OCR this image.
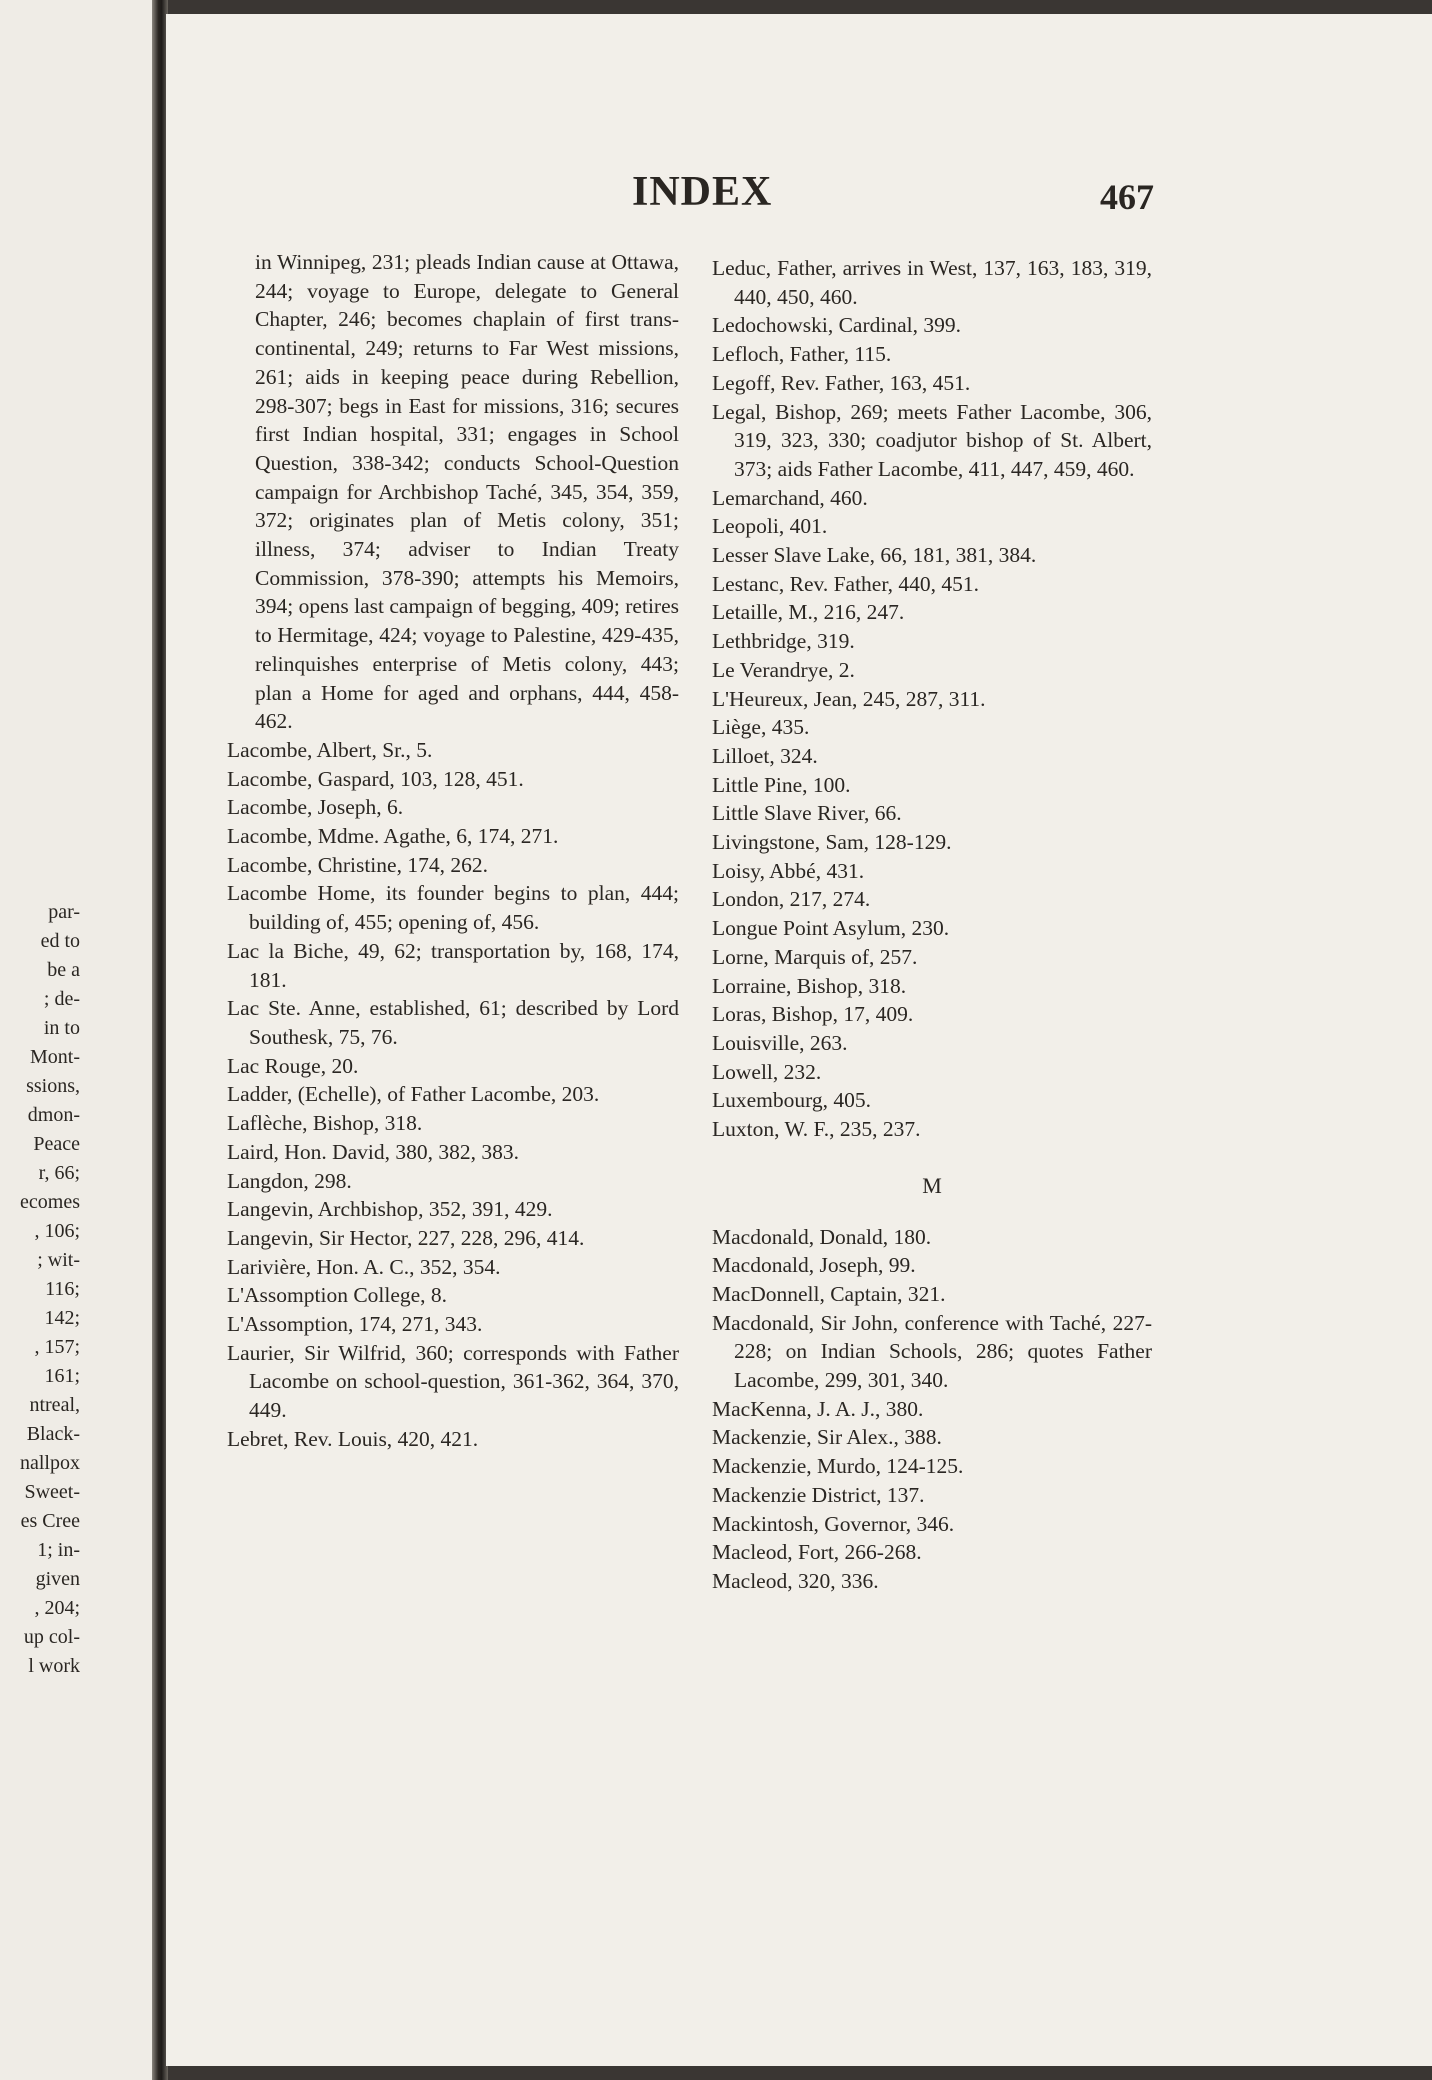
par-
ed to
be a
; de-
in to
Mont-
ssions,
dmon-
Peace
r, 66;
ecomes
, 106;
; wit-
116;
142;
, 157;
161;
ntreal,
Black-
nallpox
Sweet-
es Cree
1; in-
given
, 204;
up col-
l work
INDEX	467
in Winnipeg, 231; pleads Indian cause at Ottawa, 244; voyage to Europe, delegate to General Chapter, 246; becomes chaplain of first trans-continental, 249; returns to Far West missions, 261; aids in keeping peace during Rebellion, 298-307; begs in East for missions, 316; secures first Indian hospital, 331; engages in School Question, 338-342; conducts School-Question campaign for Archbishop Taché, 345, 354, 359, 372; originates plan of Metis colony, 351; illness, 374; adviser to Indian Treaty Commission, 378-390; attempts his Memoirs, 394; opens last campaign of begging, 409; retires to Hermitage, 424; voyage to Palestine, 429-435, relinquishes enterprise of Metis colony, 443; plan a Home for aged and orphans, 444, 458-462.
Lacombe, Albert, Sr., 5.
Lacombe, Gaspard, 103, 128, 451.
Lacombe, Joseph, 6.
Lacombe, Mdme. Agathe, 6, 174, 271.
Lacombe, Christine, 174, 262.
Lacombe Home, its founder begins to plan, 444; building of, 455; opening of, 456.
Lac la Biche, 49, 62; transportation by, 168, 174, 181.
Lac Ste. Anne, established, 61; described by Lord Southesk, 75, 76.
Lac Rouge, 20.
Ladder, (Echelle), of Father Lacombe, 203.
Laflèche, Bishop, 318.
Laird, Hon. David, 380, 382, 383.
Langdon, 298.
Langevin, Archbishop, 352, 391, 429.
Langevin, Sir Hector, 227, 228, 296, 414.
Larivière, Hon. A. C., 352, 354.
L'Assomption College, 8.
L'Assomption, 174, 271, 343.
Laurier, Sir Wilfrid, 360; corresponds with Father Lacombe on school-question, 361-362, 364, 370, 449.
Lebret, Rev. Louis, 420, 421.
Leduc, Father, arrives in West, 137, 163, 183, 319, 440, 450, 460.
Ledochowski, Cardinal, 399.
Lefloch, Father, 115.
Legoff, Rev. Father, 163, 451.
Legal, Bishop, 269; meets Father Lacombe, 306, 319, 323, 330; coadjutor bishop of St. Albert, 373; aids Father Lacombe, 411, 447, 459, 460.
Lemarchand, 460.
Leopoli, 401.
Lesser Slave Lake, 66, 181, 381, 384.
Lestanc, Rev. Father, 440, 451.
Letaille, M., 216, 247.
Lethbridge, 319.
Le Verandrye, 2.
L'Heureux, Jean, 245, 287, 311.
Liège, 435.
Lilloet, 324.
Little Pine, 100.
Little Slave River, 66.
Livingstone, Sam, 128-129.
Loisy, Abbé, 431.
London, 217, 274.
Longue Point Asylum, 230.
Lorne, Marquis of, 257.
Lorraine, Bishop, 318.
Loras, Bishop, 17, 409.
Louisville, 263.
Lowell, 232.
Luxembourg, 405.
Luxton, W. F., 235, 237.
M
Macdonald, Donald, 180.
Macdonald, Joseph, 99.
MacDonnell, Captain, 321.
Macdonald, Sir John, conference with Taché, 227-228; on Indian Schools, 286; quotes Father Lacombe, 299, 301, 340.
MacKenna, J. A. J., 380.
Mackenzie, Sir Alex., 388.
Mackenzie, Murdo, 124-125.
Mackenzie District, 137.
Mackintosh, Governor, 346.
Macleod, Fort, 266-268.
Macleod, 320, 336.
